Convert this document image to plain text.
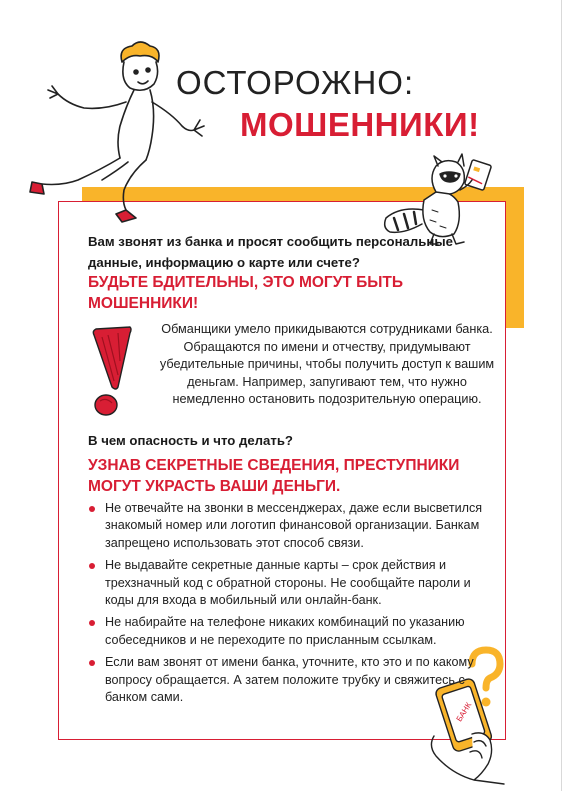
БАНК
ОСТОРОЖНО:
МОШЕННИКИ!
Вам звонят из банка и просят сообщить персональные данные, информацию о карте или счете?
БУДЬТЕ БДИТЕЛЬНЫ, ЭТО МОГУТ БЫТЬ МОШЕННИКИ!
Обманщики умело прикидываются сотрудниками банка. Обращаются по имени и отчеству, придумывают убедительные причины, чтобы получить доступ к вашим деньгам. Например, запугивают тем, что нужно немедленно остановить подозрительную операцию.
В чем опасность и что делать?
УЗНАВ СЕКРЕТНЫЕ СВЕДЕНИЯ, ПРЕСТУПНИКИ МОГУТ УКРАСТЬ ВАШИ ДЕНЬГИ.
Не отвечайте на звонки в мессенджерах, даже если высветился знакомый номер или логотип финансовой организации. Банкам запрещено использовать этот способ связи.
Не выдавайте секретные данные карты – срок действия и трехзначный код с обратной стороны. Не сообщайте пароли и коды для входа в мобильный или онлайн-банк.
Не набирайте на телефоне никаких комбинаций по указанию собеседников и не переходите по присланным ссылкам.
Если вам звонят от имени банка, уточните, кто это и по какому вопросу обращается. А затем положите трубку и свяжитесь с банком сами.
